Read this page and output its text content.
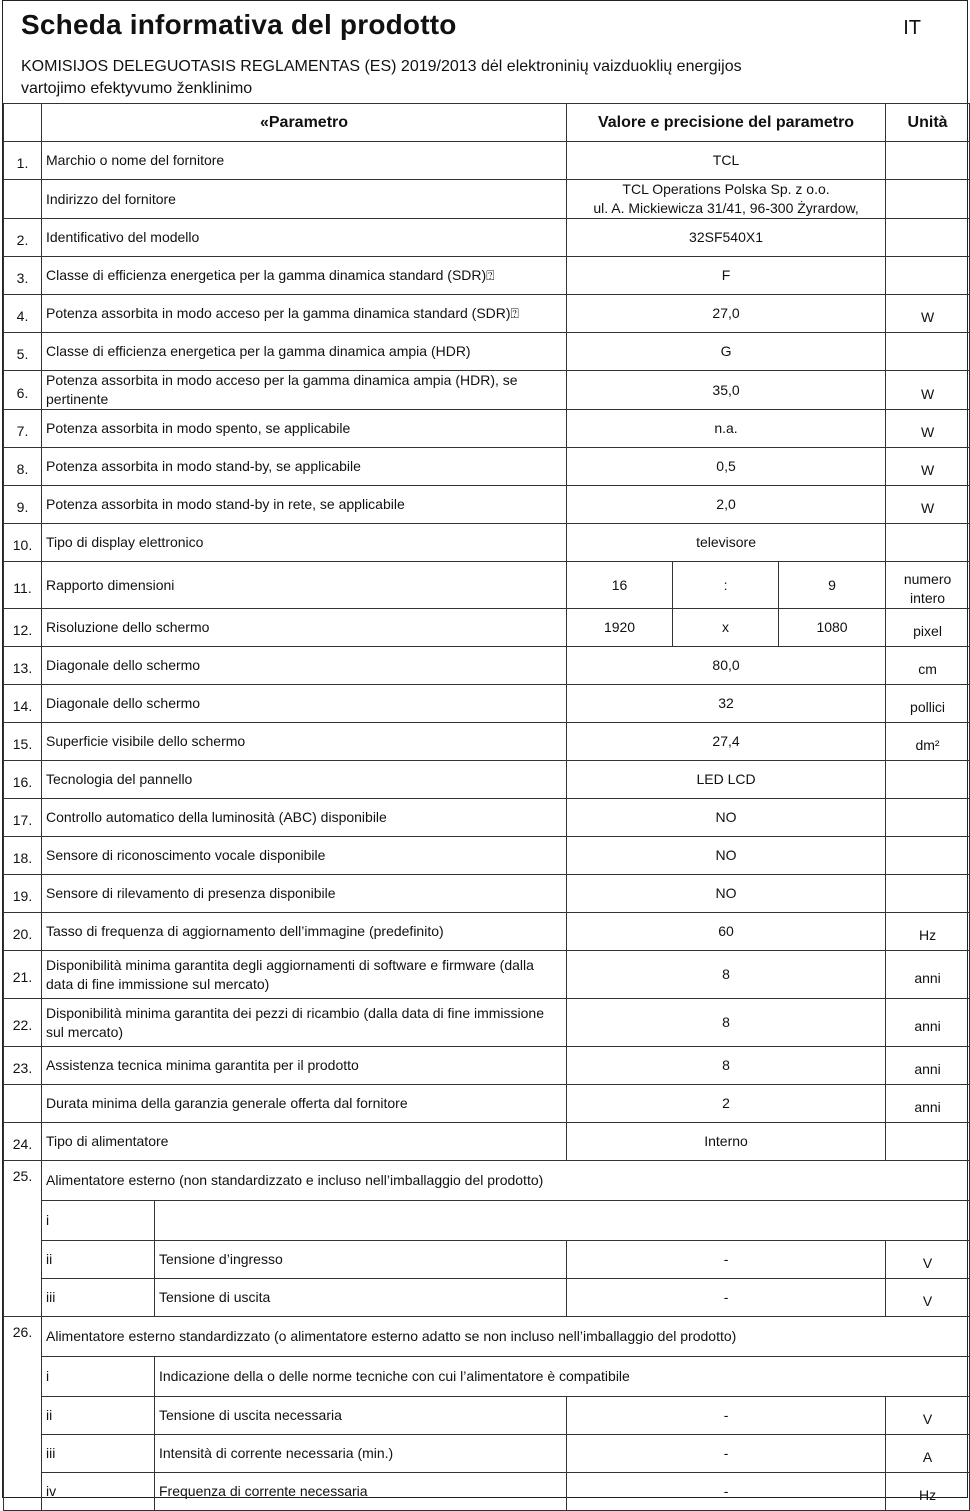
Scheda informativa del prodotto	IT
KOMISIJOS DELEGUOTASIS REGLAMENTAS (ES) 2019/2013 dėl elektroninių vaizduoklių energijos vartojimo efektyvumo ženklinimo
	«Parametro		Valore e precisione del parametro			Unità
1.	Marchio o nome del fornitore		TCL			
	Indirizzo del fornitore		TCL Operations Polska Sp. z o.o.
ul. A. Mickiewicza 31/41, 96-300 Żyrardow,			
2.	Identificativo del modello		32SF540X1			
3.	Classe di efficienza energetica per la gamma dinamica standard (SDR)⍰		F			
4.	Potenza assorbita in modo acceso per la gamma dinamica standard (SDR)⍰		27,0			W
5.	Classe di efficienza energetica per la gamma dinamica ampia (HDR)		G			
6.	Potenza assorbita in modo acceso per la gamma dinamica ampia (HDR), se pertinente		35,0			W
7.	Potenza assorbita in modo spento, se applicabile		n.a.			W
8.	Potenza assorbita in modo stand-by, se applicabile		0,5			W
9.	Potenza assorbita in modo stand-by in rete, se applicabile		2,0			W
10.	Tipo di display elettronico		televisore			
11.	Rapporto dimensioni		16	:	9	numero intero
12.	Risoluzione dello schermo		1920	x	1080	pixel
13.	Diagonale dello schermo		80,0			cm
14.	Diagonale dello schermo		32			pollici
15.	Superficie visibile dello schermo		27,4			dm²
16.	Tecnologia del pannello		LED LCD			
17.	Controllo automatico della luminosità (ABC) disponibile		NO			
18.	Sensore di riconoscimento vocale disponibile		NO			
19.	Sensore di rilevamento di presenza disponibile		NO			
20.	Tasso di frequenza di aggiornamento dell’immagine (predefinito)		60			Hz
21.	Disponibilità minima garantita degli aggiornamenti di software e firmware (dalla data di fine immissione sul mercato)		8			anni
22.	Disponibilità minima garantita dei pezzi di ricambio (dalla data di fine immissione sul mercato)		8			anni
23.	Assistenza tecnica minima garantita per il prodotto		8			anni
	Durata minima della garanzia generale offerta dal fornitore		2			anni
24.	Tipo di alimentatore		Interno			
25.	Alimentatore esterno (non standardizzato e incluso nell’imballaggio del prodotto)					
	i					
	ii	Tensione d’ingresso	-			V
	iii	Tensione di uscita	-			V
26.	Alimentatore esterno standardizzato (o alimentatore esterno adatto se non incluso nell’imballaggio del prodotto)					
	i	Indicazione della o delle norme tecniche con cui l’alimentatore è compatibile				
	ii	Tensione di uscita necessaria	-			V
	iii	Intensità di corrente necessaria (min.)	-			A
	iv	Frequenza di corrente necessaria	-			Hz
